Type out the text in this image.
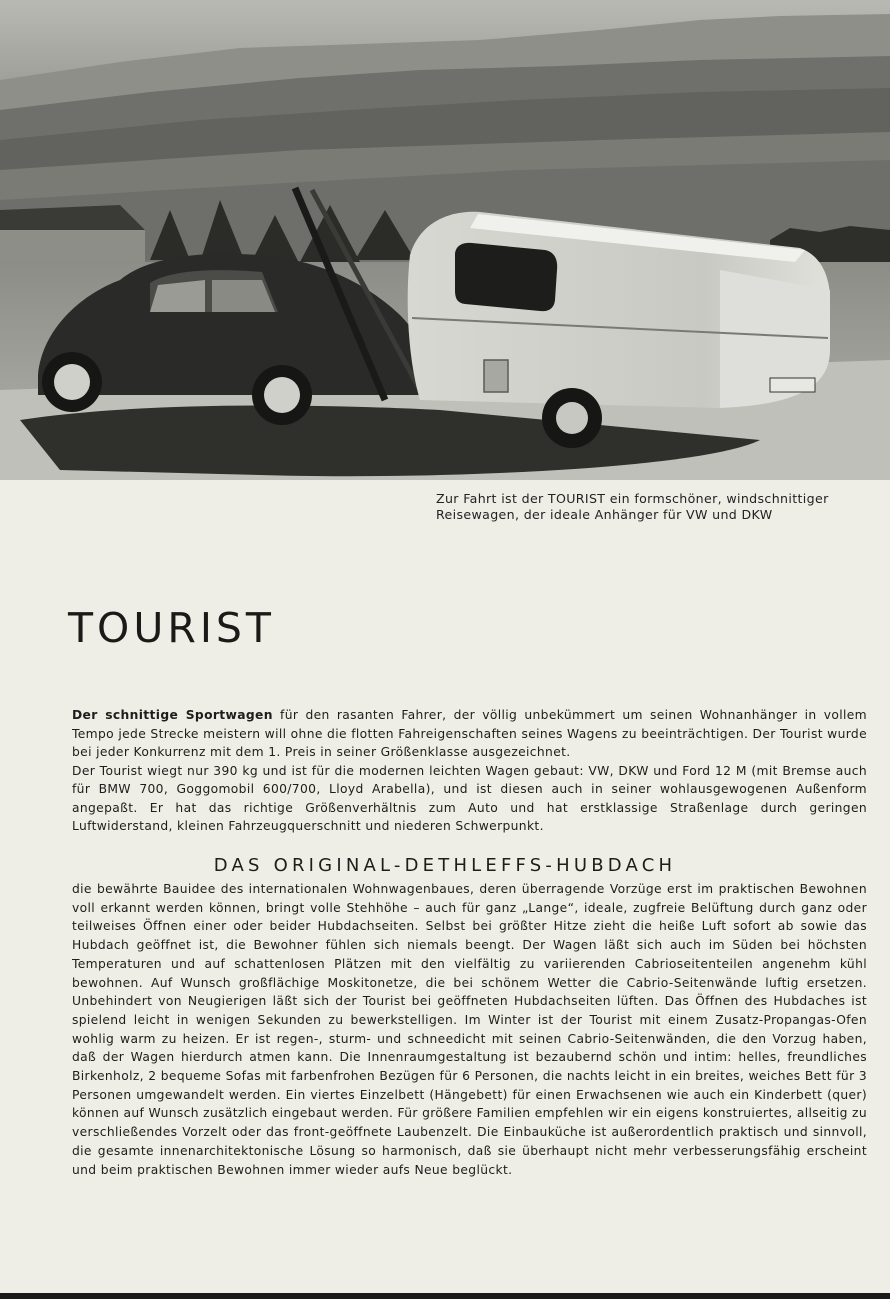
Zur Fahrt ist der TOURIST ein formschöner, windschnittiger Reisewagen, der ideale Anhänger für VW und DKW
TOURIST

Der schnittige Sportwagen für den rasanten Fahrer, der völlig unbekümmert um seinen Wohnanhänger in vollem Tempo jede Strecke meistern will ohne die flotten Fahreigenschaften seines Wagens zu beeinträchtigen. Der Tourist wurde bei jeder Konkurrenz mit dem 1. Preis in seiner Größenklasse ausgezeichnet.

Der Tourist wiegt nur 390 kg und ist für die modernen leichten Wagen gebaut: VW, DKW und Ford 12 M (mit Bremse auch für BMW 700, Goggomobil 600/700, Lloyd Arabella), und ist diesen auch in seiner wohlausgewogenen Außenform angepaßt. Er hat das richtige Größenverhältnis zum Auto und hat erstklassige Straßenlage durch geringen Luftwiderstand, kleinen Fahrzeugquerschnitt und niederen Schwerpunkt.

DAS ORIGINAL-DETHLEFFS-HUBDACH

die bewährte Bauidee des internationalen Wohnwagenbaues, deren überragende Vorzüge erst im praktischen Bewohnen voll erkannt werden können, bringt volle Stehhöhe – auch für ganz „Lange“, ideale, zugfreie Belüftung durch ganz oder teilweises Öffnen einer oder beider Hubdachseiten. Selbst bei größter Hitze zieht die heiße Luft sofort ab sowie das Hubdach geöffnet ist, die Bewohner fühlen sich niemals beengt. Der Wagen läßt sich auch im Süden bei höchsten Temperaturen und auf schattenlosen Plätzen mit den vielfältig zu variierenden Cabrioseitenteilen angenehm kühl bewohnen. Auf Wunsch großflächige Moskitonetze, die bei schönem Wetter die Cabrio-Seitenwände luftig ersetzen. Unbehindert von Neugierigen läßt sich der Tourist bei geöffneten Hubdachseiten lüften. Das Öffnen des Hubdaches ist spielend leicht in wenigen Sekunden zu bewerkstelligen. Im Winter ist der Tourist mit einem Zusatz-Propangas-Ofen wohlig warm zu heizen. Er ist regen-, sturm- und schneedicht mit seinen Cabrio-Seitenwänden, die den Vorzug haben, daß der Wagen hierdurch atmen kann. Die Innenraumgestaltung ist bezaubernd schön und intim: helles, freundliches Birkenholz, 2 bequeme Sofas mit farbenfrohen Bezügen für 6 Personen, die nachts leicht in ein breites, weiches Bett für 3 Personen umgewandelt werden. Ein viertes Einzelbett (Hängebett) für einen Erwachsenen wie auch ein Kinderbett (quer) können auf Wunsch zusätzlich eingebaut werden. Für größere Familien empfehlen wir ein eigens konstruiertes, allseitig zu verschließendes Vorzelt oder das front-geöffnete Laubenzelt. Die Einbauküche ist außerordentlich praktisch und sinnvoll, die gesamte innenarchitektonische Lösung so harmonisch, daß sie überhaupt nicht mehr verbesserungsfähig erscheint und beim praktischen Bewohnen immer wieder aufs Neue beglückt.
